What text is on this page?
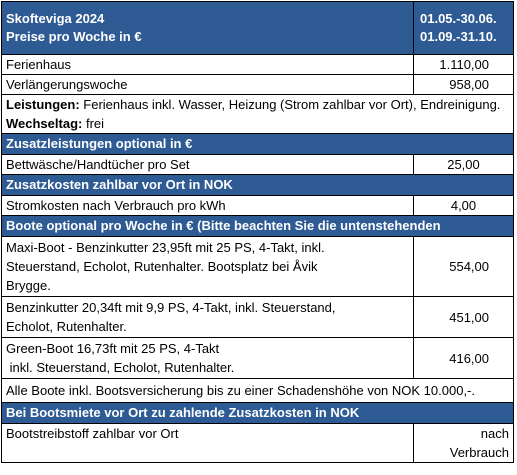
Skofteviga 2024
Preise pro Woche in €
01.05.-30.06.
01.09.-31.10.
Ferienhaus	1.110,00
Verlängerungswoche	958,00
Leistungen: Ferienhaus inkl. Wasser, Heizung (Strom zahlbar vor Ort), Endreinigung. Wechseltag: frei
Zusatzleistungen optional in €
Bettwäsche/Handtücher pro Set	25,00
Zusatzkosten zahlbar vor Ort in NOK
Stromkosten nach Verbrauch pro kWh	4,00
Boote optional pro Woche in € (Bitte beachten Sie die untenstehenden
Maxi-Boot - Benzinkutter 23,95ft mit 25 PS, 4-Takt, inkl.
Steuerstand, Echolot, Rutenhalter. Bootsplatz bei Åvik
Brygge.
554,00
Benzinkutter 20,34ft mit 9,9 PS, 4-Takt, inkl. Steuerstand,
Echolot, Rutenhalter.
451,00
Green-Boot 16,73ft mit 25 PS, 4-Takt
inkl. Steuerstand, Echolot, Rutenhalter.
416,00
Alle Boote inkl. Bootsversicherung bis zu einer Schadenshöhe von NOK 10.000,-.
Bei Bootsmiete vor Ort zu zahlende Zusatzkosten in NOK
Bootstreibstoff zahlbar vor Ort	nach Verbrauch
